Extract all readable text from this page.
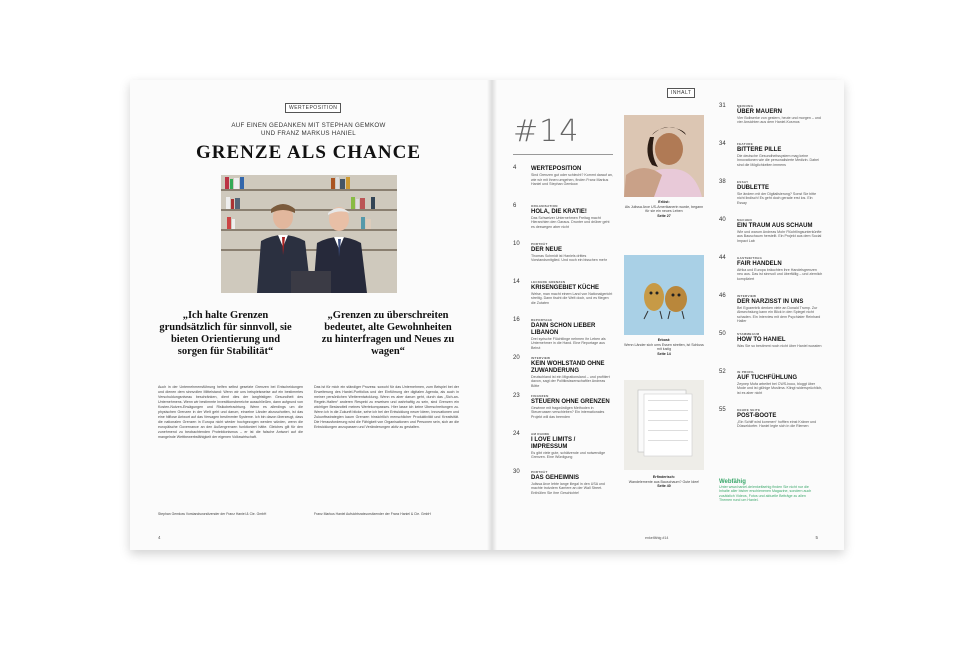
WERTEPOSITION
AUF EINEN GEDANKEN MIT STEPHAN GEMKOW
UND FRANZ MARKUS HANIEL
GRENZE ALS CHANCE
„Ich halte Grenzen grundsätzlich für sinnvoll, sie bieten Orientierung und sorgen für Stabilität“
„Grenzen zu überschreiten bedeutet, alte Gewohnheiten zu hinterfragen und Neues zu wagen“
Auch in der Unternehmensführung helfen selbst gesetzte Grenzen bei Entscheidungen und dienen dem sinnvollen Mittelstand: Wenn wir uns beispielsweise auf ein bestimmtes Verschuldungsniveau beschränken, dient dies der langfristigen Gesundheit des Unternehmens. Wenn wir bestimmte Investitionsbereiche ausschließen, dann aufgrund von Kosten-Nutzen-Erwägungen und Risikobetrachtung. Wenn es allerdings um die physischen Grenzen in der Welt geht und darum, einzelne Länder abzuschotten, ist das eine hilflose Antwort auf das Versagen bestimmter Systeme. Ich bin davon überzeugt, dass die nationalen Grenzen in Europa nicht wieder hochgezogen werden würden, wenn die europäische Governance an den Außengrenzen funktioniert hätte. Gleiches gilt für den zunehmend zu beobachtenden Protektionismus – er ist die falsche Antwort auf die mangelnde Wettbewerbsfähigkeit der eigenen Volkswirtschaft.
Das ist für mich ein ständiger Prozess: sowohl für das Unternehmen, zum Beispiel bei der Erweiterung des Haniel-Portfolios und der Einführung der digitalen Agenda, als auch in meiner persönlichen Weiterentwicklung. Wenn es aber darum geht, durch das „Sich-an-Regeln-Halten“ anderen Respekt zu erweisen und wahrhaftig zu sein, sind Grenzen ein wichtiger Bestandteil meines Wertekompasses. Hier lasse ich keine Überschreitungen zu. Wenn ich in die Zukunft blicke, sehe ich bei der Entwicklung neuer Ideen, Innovationen und Zukunftsstrategien kaum Grenzen hinsichtlich menschlicher Produktivität und Kreativität. Die Herausforderung wird die Fähigkeit von Organisationen und Personen sein, sich an die Entwicklungen anzupassen und Veränderungen aktiv zu gestalten.
Stephan Gemkow Vorstandsvorsitzender der Franz Haniel & Cie. GmbH	Franz Markus Haniel Aufsichtsratsvorsitzender der Franz Haniel & Cie. GmbH
4
INHALT
#14
4 WERTEPOSITION
Sind Grenzen gut oder schlecht? Kommt darauf an, wie wir mit ihnen umgehen, finden Franz Markus Haniel und Stephan Gemkow
6	ORGANISATION
HOLA, DIE KRATIE!
Das Schweizer Unternehmen Freitag macht Hierarchien den Garaus. Drunter und drüber geht es deswegen aber nicht
10	PORTRÄT
DER NEUE
Thomas Schmidt ist Haniels drittes Vorstandsmitglied. Und noch ein bisschen mehr
14	LECKERE GRENZEN
KRISENGEBIET KÜCHE
Welse, man macht einem Land von Nationalgericht streitig. Dann tischt die Welt doch, und es fliegen die Zutaten
16	REPORTAGE
DANN SCHON LIEBER LIBANON
Drei syrische Flüchtlinge nehmen ihr Leben als Unternehmer in die Hand. Eine Reportage aus Beirut
20	INTERVIEW
KEIN WOHLSTAND OHNE ZUWANDERUNG
Deutschland ist ein Migrationsland – und profitiert davon, sagt der Politikwissenschaftler Andreas Bötte
23	FINANZEN
STEUERN OHNE GRENZEN
Gewinne mit fragwürdigen Methoden in Steueroasen verschieben? Ein internationales Projekt will das beenden
24	AM RANDE
I LOVE LIMITS / IMPRESSUM
Es gibt viele gute, schätzende und notwendige Grenzen. Eine Würdigung
30	PORTRÄT
DAS GEHEIMNIS
Julissa Arce lebte lange illegal in den USA und machte trotzdem Karriere an der Wall Street. Enthüllen Sie ihre Geschichte!
Erlöst:
Als Julissa Arce US-Amerikanerin wurde, begann für sie ein neues Leben
Seite 27
Erbost:
Wenn Länder sich ums Essen streiten, ist Schluss mit lustig
Seite 14
Erfinderisch:
Wandelemente aus Bauschaum? Gute Idee!
Seite 40
31	MEINUNG
ÜBER MAUERN
Vier Bollwerke von gestern, heute und morgen – und vier Ansichten aus dem Haniel-Kosmos
34	FEATURE
BITTERE PILLE
Die deutsche Gesundheitssystem mag keine Innovationen wie die personalisierte Medizin. Dabei sind die Möglichkeiten immens
38	ESSAY
DUBLETTE
Sie ändern mit der Digitalisierung? Sonst Sie bitte nicht lindisch! Es geht doch gerade erst los. Ein Essay
40	MACHEN
EIN TRAUM AUS SCHAUM
Wie und warum Andreas Mohr Flüchtlingsunterkünfte aus Bauschaum herstellt. Ein Projekt aus dem Social Impact Lab
44	GASTBEITRAG
FAIR HANDELN
Afrika und Europa bräuchten ihre Handelsgrenzen neu aus. Das ist sinnvoll und überfällig – und ziemlich kompliziert
46	INTERVIEW
DER NARZISST IN UNS
Bei Egozentrik denken viele an Donald Trump. Zur Abwechslung kann ein Blick in den Spiegel nicht schaden. Ein Interview mit dem Psychiater Reinhard Haller
50	STAMMBAUM
HOW TO HANIEL
Was Sie so bestimmt noch nicht über Haniel wussten
52	IN PROFIL
AUF TUCHFÜHLUNG
Zeynep Mufa arbeitet bei CWS-boco, bloggt über Mode und ist glühige Muslima. Klingt widersprüchlich, ist es aber nicht
55	KEHRE SEITE
POST-BOOTE
„Ein Schiff wird kommen“ hofften einst Kräner und Düsseldorfer. Haniel legte sich in die Riemen
Webfähig
Unter www.haniel.de/enkelfaehig finden Sie nicht nur die Inhalte aller bisher erschienenen Magazine, sondern auch zusätzlich Videos, Fotos und aktuelle Beiträge zu allen Themen rund um Haniel.
enkelfähig #14	5
